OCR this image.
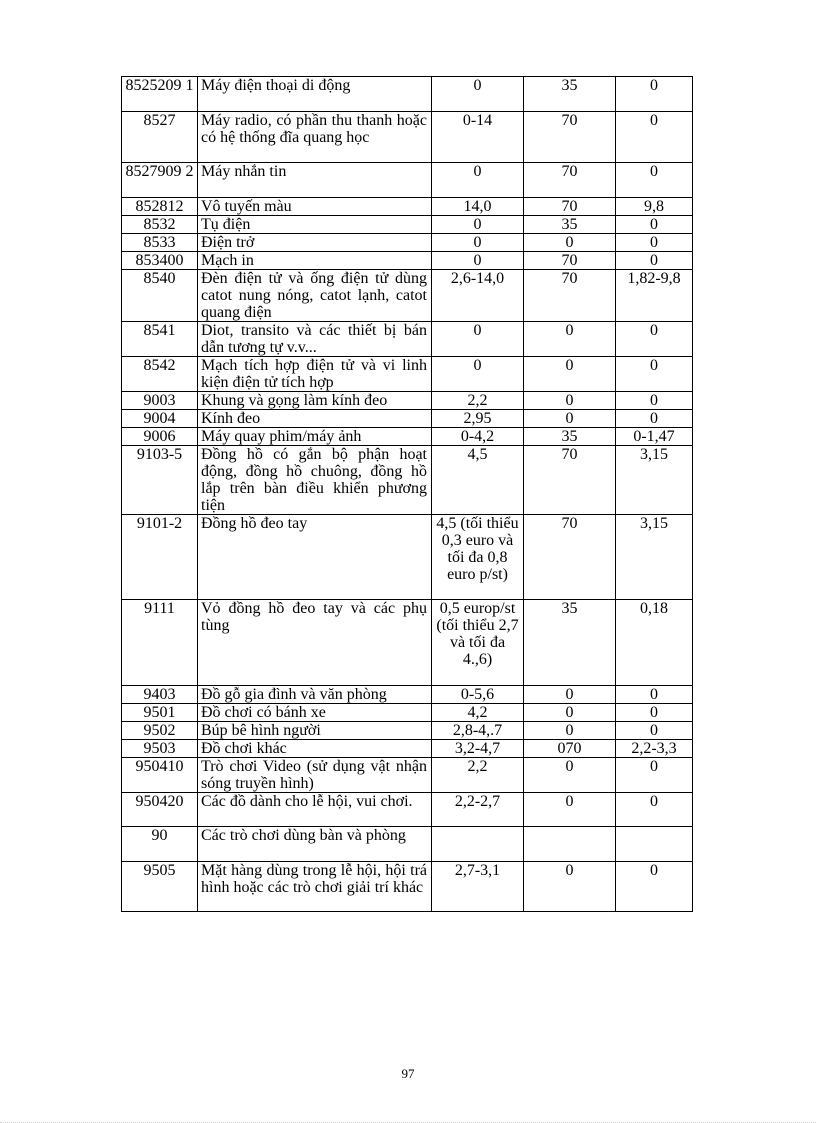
8525209 1	Máy điện thoại di động	0	35	0
8527	Máy radio, có phần thu thanh hoặc có hệ thống đĩa quang học	0-14	70	0
8527909 2	Máy nhắn tin	0	70	0
852812	Vô tuyến màu	14,0	70	9,8
8532	Tụ điện	0	35	0
8533	Điện trở	0	0	0
853400	Mạch in	0	70	0
8540	Đèn điện tử và ống điện tử dùng catot nung nóng, catot lạnh, catot quang điện	2,6-14,0	70	1,82-9,8
8541	Diot, transito và các thiết bị bán dẫn tương tự v.v...	0	0	0
8542	Mạch tích hợp điện tử và vi linh kiện điện tử tích hợp	0	0	0
9003	Khung và gọng làm kính đeo	2,2	0	0
9004	Kính đeo	2,95	0	0
9006	Máy quay phim/máy ảnh	0-4,2	35	0-1,47
9103-5	Đồng hồ có gắn bộ phận hoạt động, đồng hồ chuông, đồng hồ lắp trên bàn điều khiển phương tiện	4,5	70	3,15
9101-2	Đồng hồ đeo tay	4,5 (tối thiểu 0,3 euro và tối đa 0,8 euro p/st)	70	3,15
9111	Vỏ đồng hồ đeo tay và các phụ tùng	0,5 europ/st (tối thiểu 2,7 và tối đa 4.,6)	35	0,18
9403	Đồ gỗ gia đình và văn phòng	0-5,6	0	0
9501	Đồ chơi có bánh xe	4,2	0	0
9502	Búp bê hình người	2,8-4,.7	0	0
9503	Đồ chơi khác	3,2-4,7	070	2,2-3,3
950410	Trò chơi Video (sử dụng vật nhận sóng truyền hình)	2,2	0	0
950420	Các đồ dành cho lễ hội, vui chơi.	2,2-2,7	0	0
90	Các trò chơi dùng bàn và phòng			
9505	Mặt hàng dùng trong lễ hội, hội trá hình hoặc các trò chơi giải trí khác	2,7-3,1	0	0
97
